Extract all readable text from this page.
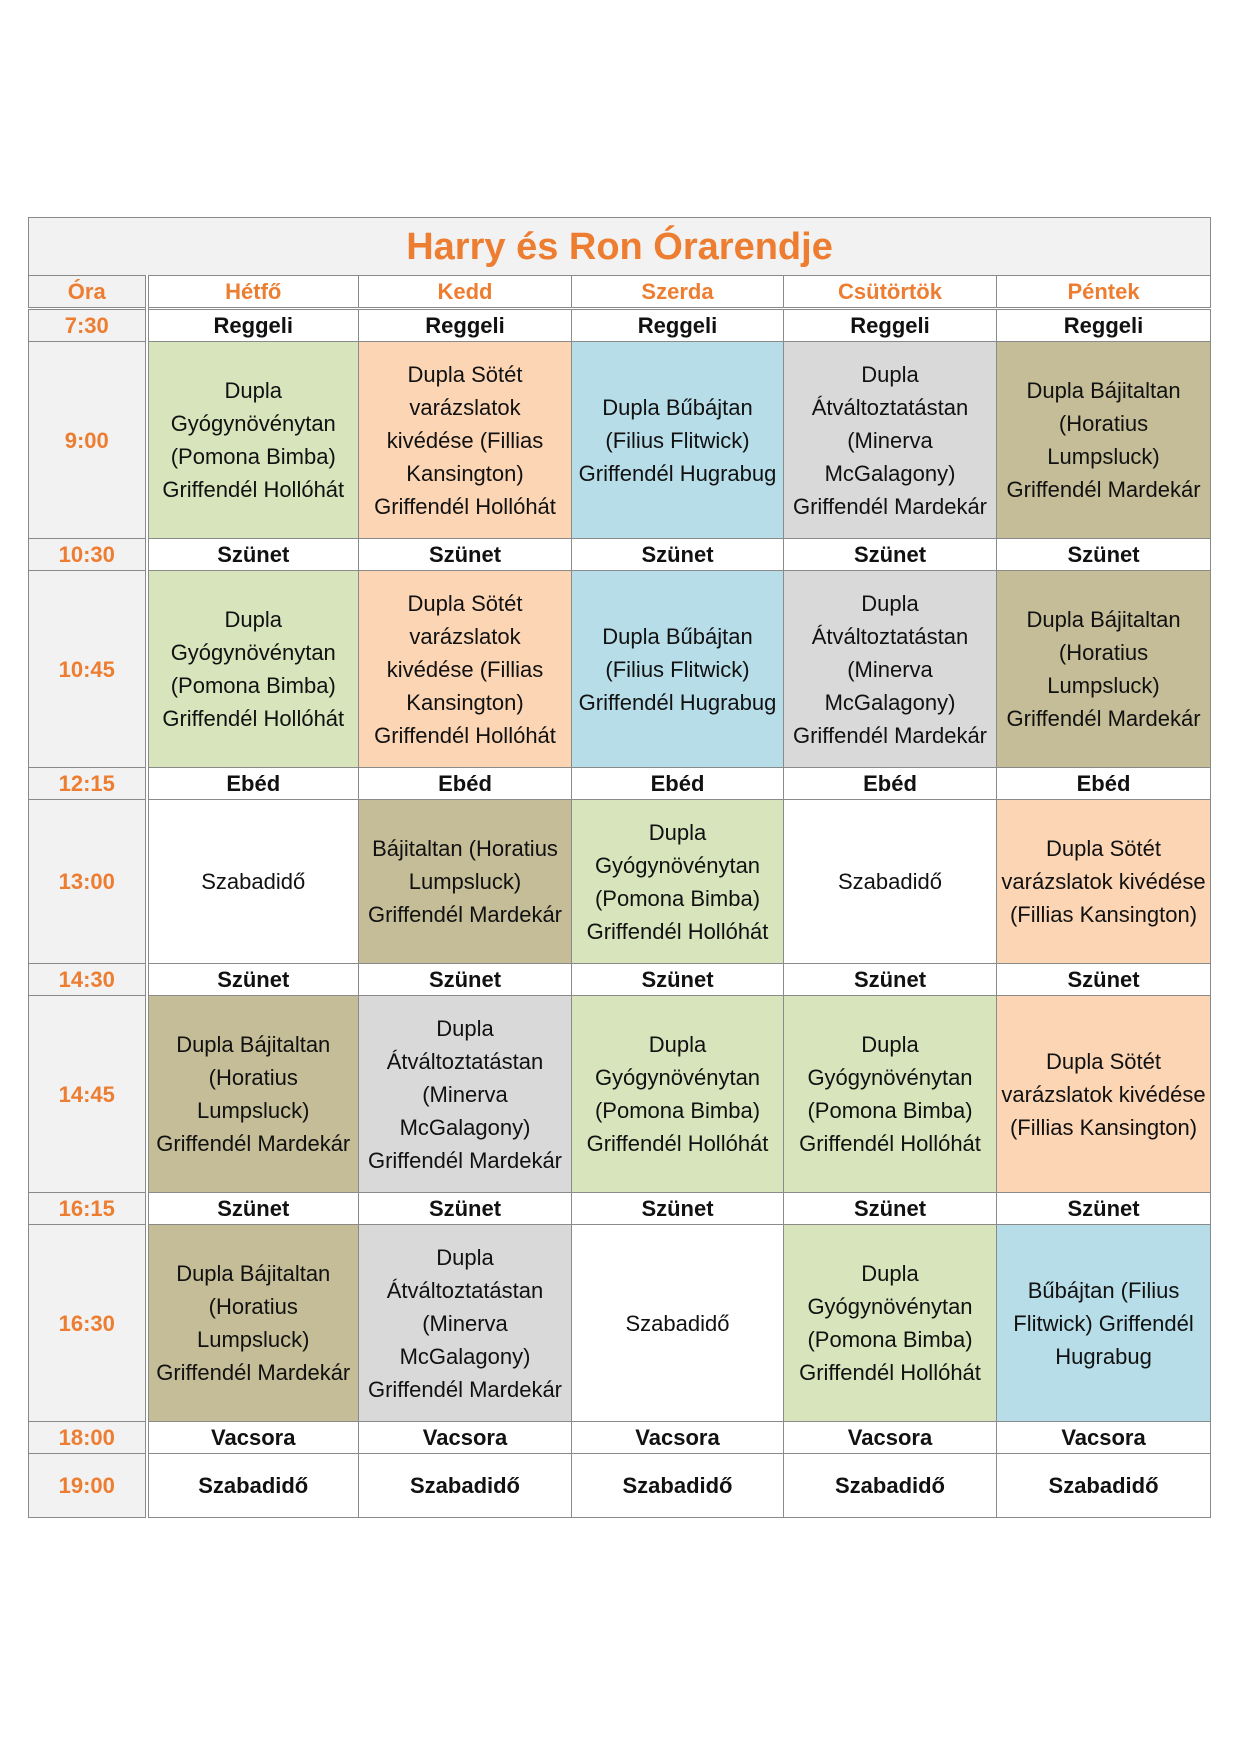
Harry és Ron Órarendje					
Óra	Hétfő	Kedd	Szerda	Csütörtök	Péntek
7:30	Reggeli	Reggeli	Reggeli	Reggeli	Reggeli
9:00	Dupla Gyógynövénytan (Pomona Bimba) Griffendél Hollóhát	Dupla Sötét varázslatok kivédése (Fillias Kansington) Griffendél Hollóhát	Dupla Bűbájtan (Filius Flitwick) Griffendél Hugrabug	Dupla Átváltoztatástan (Minerva McGalagony) Griffendél Mardekár	Dupla Bájitaltan (Horatius Lumpsluck) Griffendél Mardekár
10:30	Szünet	Szünet	Szünet	Szünet	Szünet
10:45	Dupla Gyógynövénytan (Pomona Bimba) Griffendél Hollóhát	Dupla Sötét varázslatok kivédése (Fillias Kansington) Griffendél Hollóhát	Dupla Bűbájtan (Filius Flitwick) Griffendél Hugrabug	Dupla Átváltoztatástan (Minerva McGalagony) Griffendél Mardekár	Dupla Bájitaltan (Horatius Lumpsluck) Griffendél Mardekár
12:15	Ebéd	Ebéd	Ebéd	Ebéd	Ebéd
13:00	Szabadidő	Bájitaltan (Horatius Lumpsluck) Griffendél Mardekár	Dupla Gyógynövénytan (Pomona Bimba) Griffendél Hollóhát	Szabadidő	Dupla Sötét varázslatok kivédése (Fillias Kansington)
14:30	Szünet	Szünet	Szünet	Szünet	Szünet
14:45	Dupla Bájitaltan (Horatius Lumpsluck) Griffendél Mardekár	Dupla Átváltoztatástan (Minerva McGalagony) Griffendél Mardekár	Dupla Gyógynövénytan (Pomona Bimba) Griffendél Hollóhát	Dupla Gyógynövénytan (Pomona Bimba) Griffendél Hollóhát	Dupla Sötét varázslatok kivédése (Fillias Kansington)
16:15	Szünet	Szünet	Szünet	Szünet	Szünet
16:30	Dupla Bájitaltan (Horatius Lumpsluck) Griffendél Mardekár	Dupla Átváltoztatástan (Minerva McGalagony) Griffendél Mardekár	Szabadidő	Dupla Gyógynövénytan (Pomona Bimba) Griffendél Hollóhát	Bűbájtan (Filius Flitwick) Griffendél Hugrabug
18:00	Vacsora	Vacsora	Vacsora	Vacsora	Vacsora
19:00	Szabadidő	Szabadidő	Szabadidő	Szabadidő	Szabadidő
